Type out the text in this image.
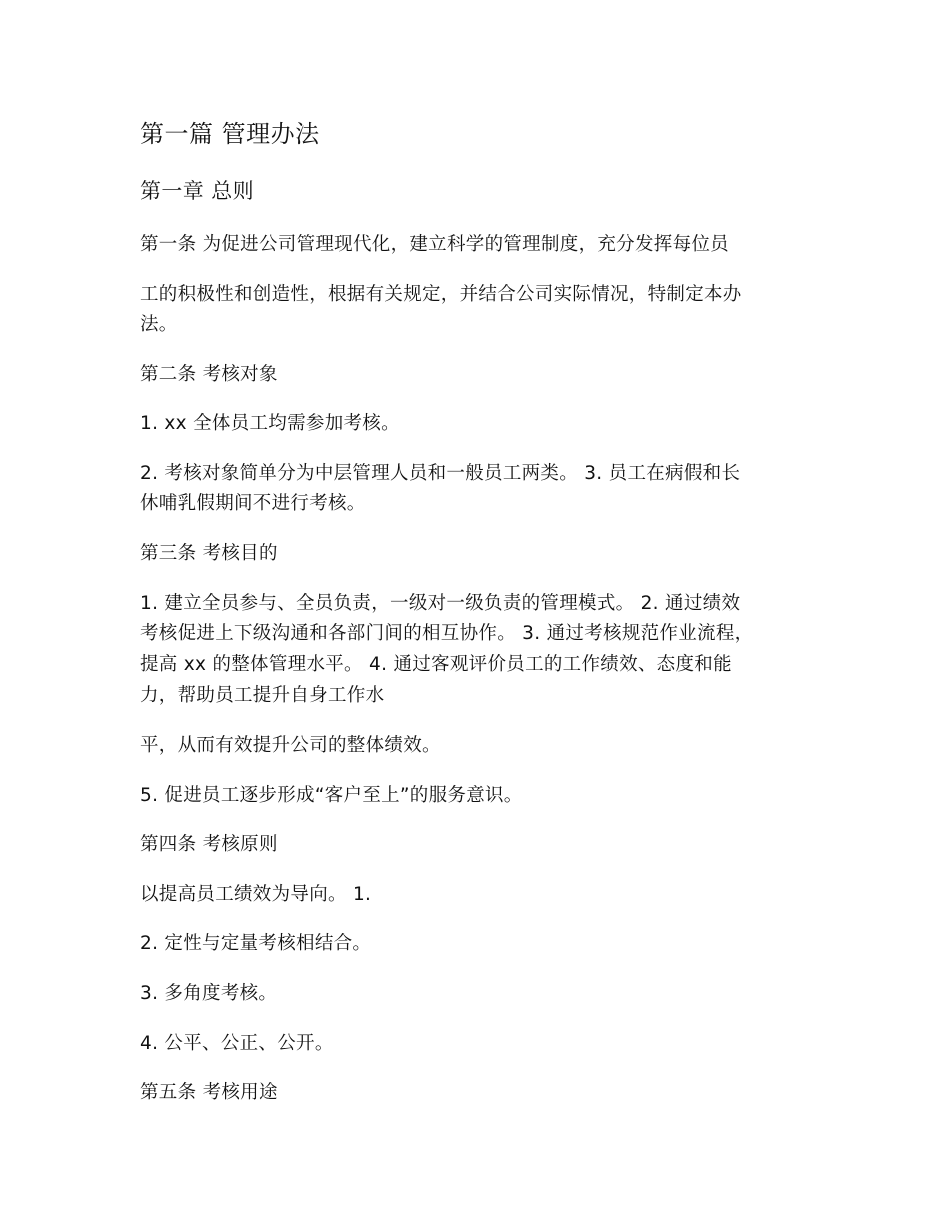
第一篇 管理办法
第一章 总则
第一条 为促进公司管理现代化，建立科学的管理制度，充分发挥每位员
工的积极性和创造性，根据有关规定，并结合公司实际情况，特制定本办
法。
第二条 考核对象
1. xx 全体员工均需参加考核。
2. 考核对象简单分为中层管理人员和一般员工两类。 3. 员工在病假和长
休哺乳假期间不进行考核。
第三条 考核目的
1. 建立全员参与、全员负责，一级对一级负责的管理模式。 2. 通过绩效
考核促进上下级沟通和各部门间的相互协作。 3. 通过考核规范作业流程，
提高 xx 的整体管理水平。 4. 通过客观评价员工的工作绩效、态度和能
力，帮助员工提升自身工作水
平，从而有效提升公司的整体绩效。
5. 促进员工逐步形成“客户至上”的服务意识。
第四条 考核原则
以提高员工绩效为导向。 1.
2. 定性与定量考核相结合。
3. 多角度考核。
4. 公平、公正、公开。
第五条 考核用途
